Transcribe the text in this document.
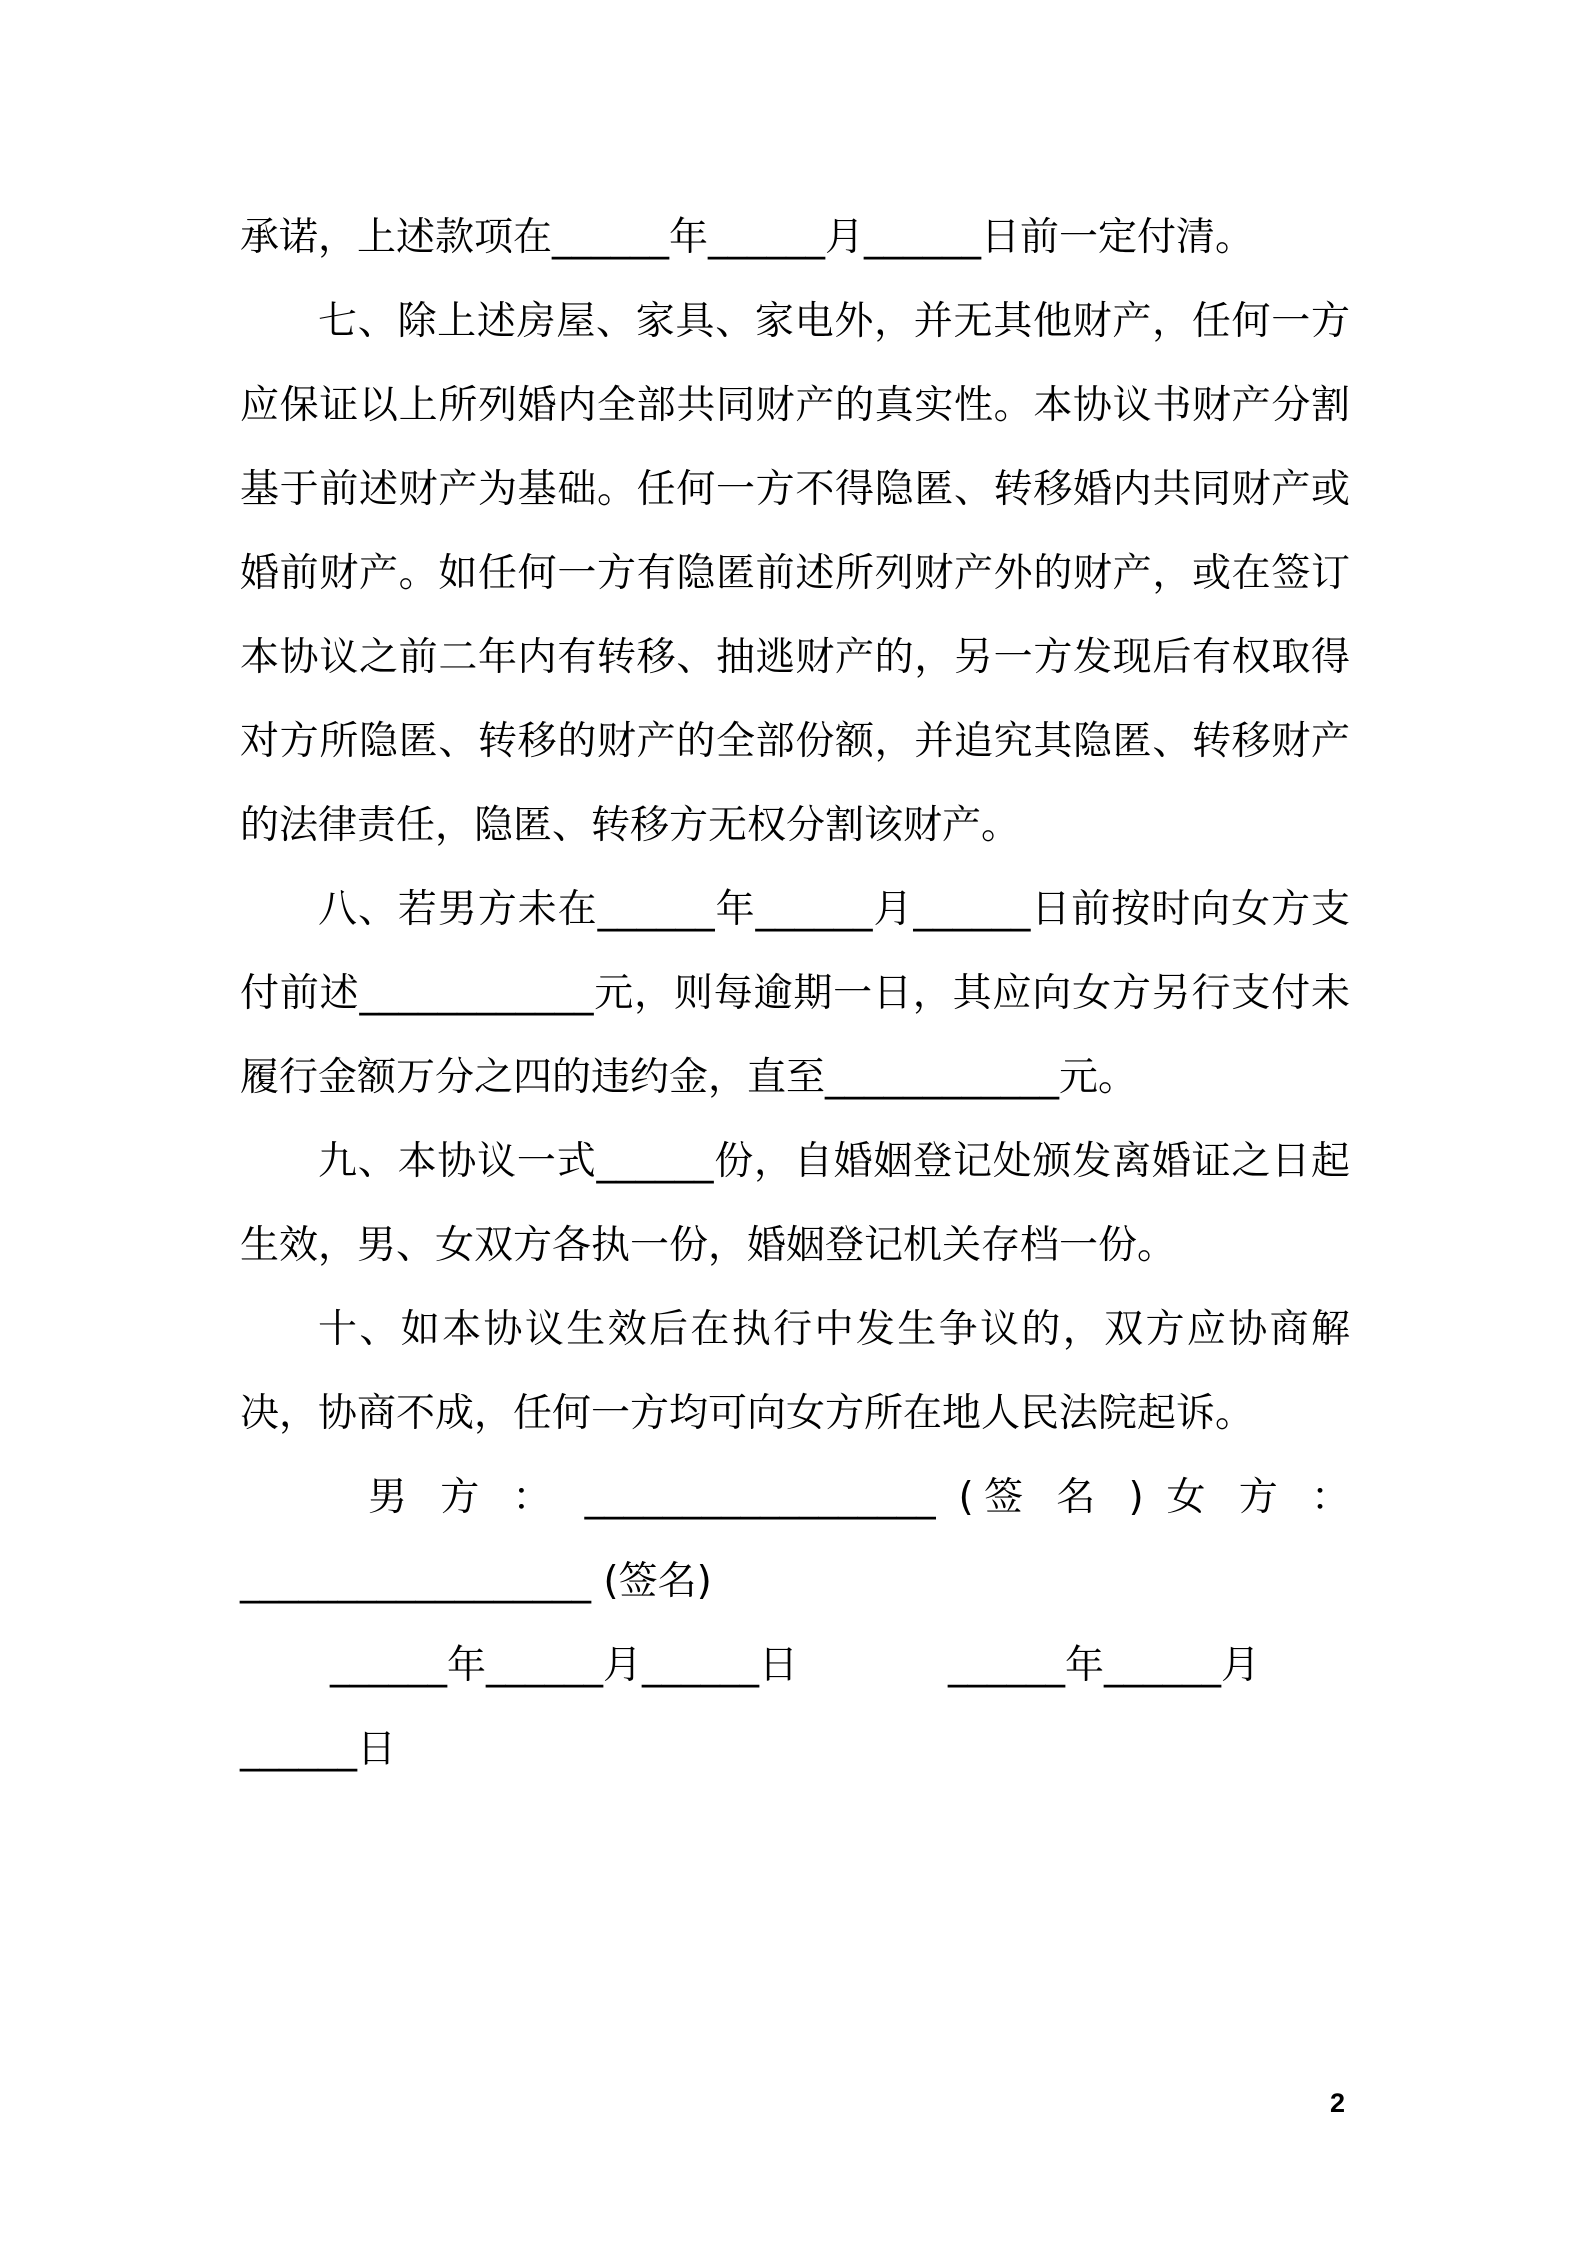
承诺，上述款项在______年______月______日前一定付清。

七、除上述房屋、家具、家电外，并无其他财产，任何一方应保证以上所列婚内全部共同财产的真实性。本协议书财产分割基于前述财产为基础。任何一方不得隐匿、转移婚内共同财产或婚前财产。如任何一方有隐匿前述所列财产外的财产，或在签订本协议之前二年内有转移、抽逃财产的，另一方发现后有权取得对方所隐匿、转移的财产的全部份额，并追究其隐匿、转移财产的法律责任，隐匿、转移方无权分割该财产。

八、若男方未在______年______月______日前按时向女方支付前述____________元，则每逾期一日，其应向女方另行支付未履行金额万分之四的违约金，直至____________元。

九、本协议一式______份，自婚姻登记处颁发离婚证之日起生效，男、女双方各执一份，婚姻登记机关存档一份。

十、如本协议生效后在执行中发生争议的，双方应协商解决，协商不成，任何一方均可向女方所在地人民法院起诉。

男 方 ： __________________ (签 名 ) 女 方 ：

__________________ (签名)

______年______月______日	______年______月

______日

2
